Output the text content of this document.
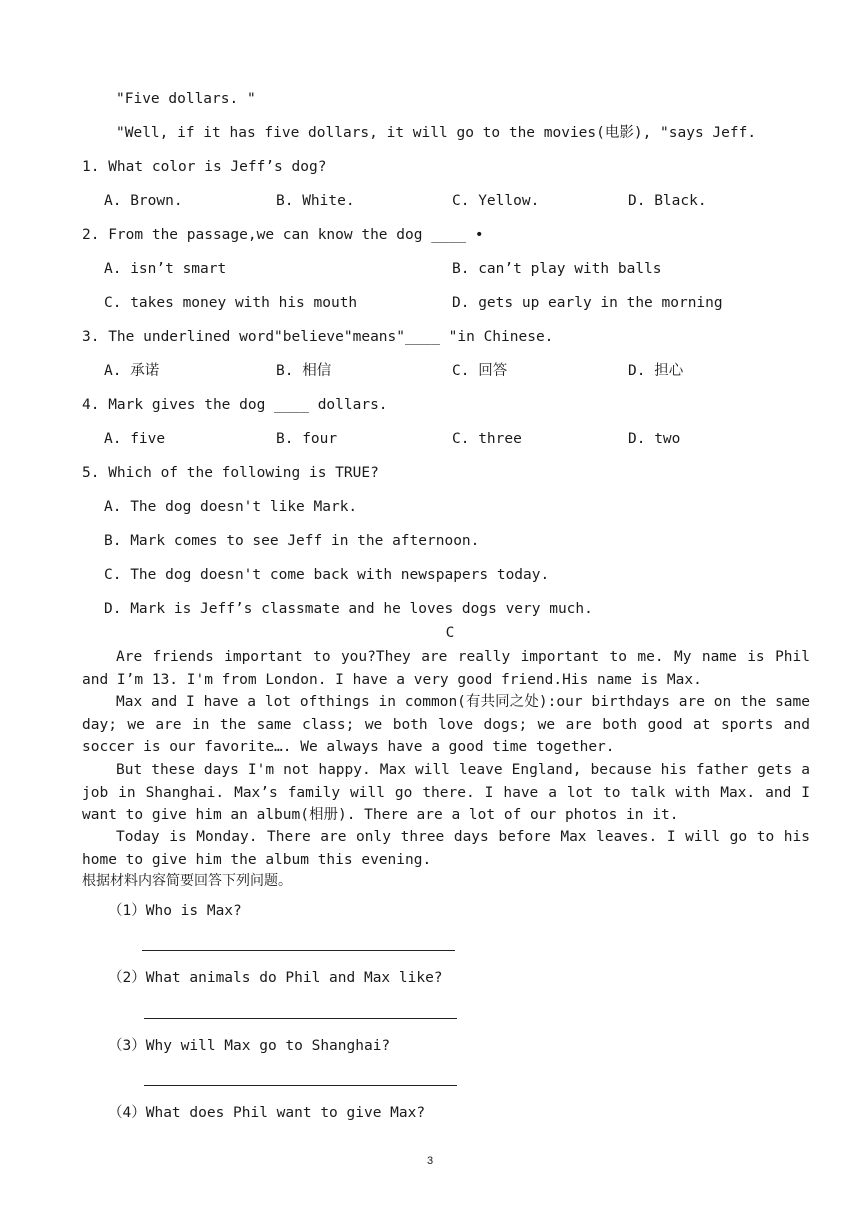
"Five dollars. "
"Well, if it has five dollars, it will go to the movies(电影), "says Jeff.
1. What color is Jeff’s dog?
A. Brown.	B. White.	C. Yellow.	D. Black.
2. From the passage,we can know the dog ____ •
A. isn’t smart	B. can’t play with balls
C. takes money with his mouth	D. gets up early in the morning
3. The underlined word"believe"means"____ "in Chinese.
A. 承诺	B. 相信	C. 回答	D. 担心
4. Mark gives the dog ____ dollars.
A. five	B. four	C. three	D. two
5. Which of the following is TRUE?
A. The dog doesn't like Mark.
B. Mark comes to see Jeff in the afternoon.
C. The dog doesn't come back with newspapers today.
D. Mark is Jeff’s classmate and he loves dogs very much.
C
Are friends important to you?They are really important to me. My name is Phil and I’m 13. I'm from London. I have a very good friend.His name is Max.
Max and I have a lot ofthings in common(有共同之处):our birthdays are on the same day; we are in the same class; we both love dogs; we are both good at sports and soccer is our favorite…. We always have a good time together.
But these days I'm not happy. Max will leave England, because his father gets a job in Shanghai. Max’s family will go there. I have a lot to talk with Max. and I want to give him an album(相册). There are a lot of our photos in it.
Today is Monday. There are only three days before Max leaves. I will go to his home to give him the album this evening.
根据材料内容简要回答下列问题。
（1）Who is Max?
（2）What animals do Phil and Max like?
（3）Why will Max go to Shanghai?
（4）What does Phil want to give Max?
3
